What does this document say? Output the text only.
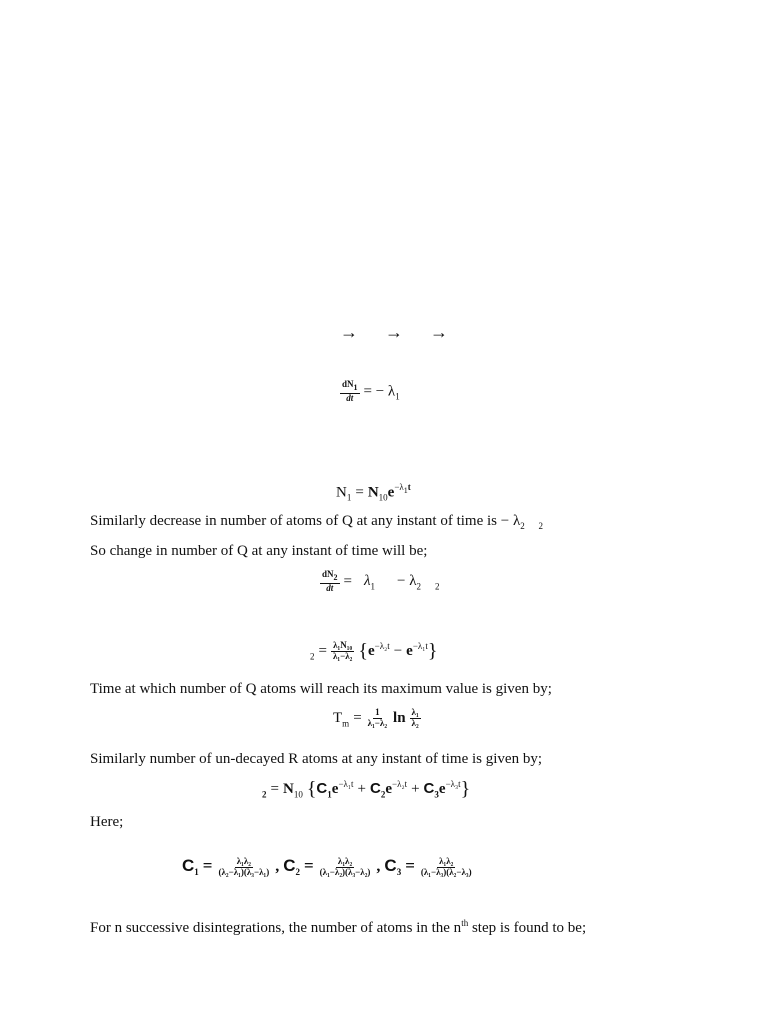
→ → →
$\frac{dN_1}{dt}$ = − $\lambda_1$
$N_1 = N_{10}e^{-\lambda_1t}$
Similarly decrease in number of atoms of Q at any instant of time is − $\lambda_2$ $_2$
So change in number of Q at any instant of time will be;
$\frac{dN_2}{dt} = \lambda_1 - \lambda_2$ $_2$
$_2 = \frac{\text{λ₁N₁₀}}{\text{λ₁−λ₂}} \{e^{-\lambda_2t} - e^{-\lambda_1t}\}$
Time at which number of Q atoms will reach its maximum value is given by;
$T_m = \frac{1}{\text{λ₁−λ₂}}$ $\ln \frac{\text{λ₁}}{\text{λ₂}}$
Similarly number of un-decayed R atoms at any instant of time is given by;
$_2 = N_{10}$ $\{C_1e^{-\lambda_1t} + C_2e^{-\lambda_2t} + C_3e^{-\lambda_3t}\}$
Here;
$C_1 = \frac{\text{λ₁λ₂}}{\text{(λ₂−λ₁)(λ₃−λ₁)}}$ , $C_2 = \frac{\text{λ₁λ₂}}{\text{(λ₁−λ₂)(λ₃−λ₂)}}$ , $C_3 = \frac{\text{λ₁λ₂}}{\text{(λ₁−λ₃)(λ₂−λ₃)}}$
For n successive disintegrations, the number of atoms in the $n^{th}$ step is found to be;
